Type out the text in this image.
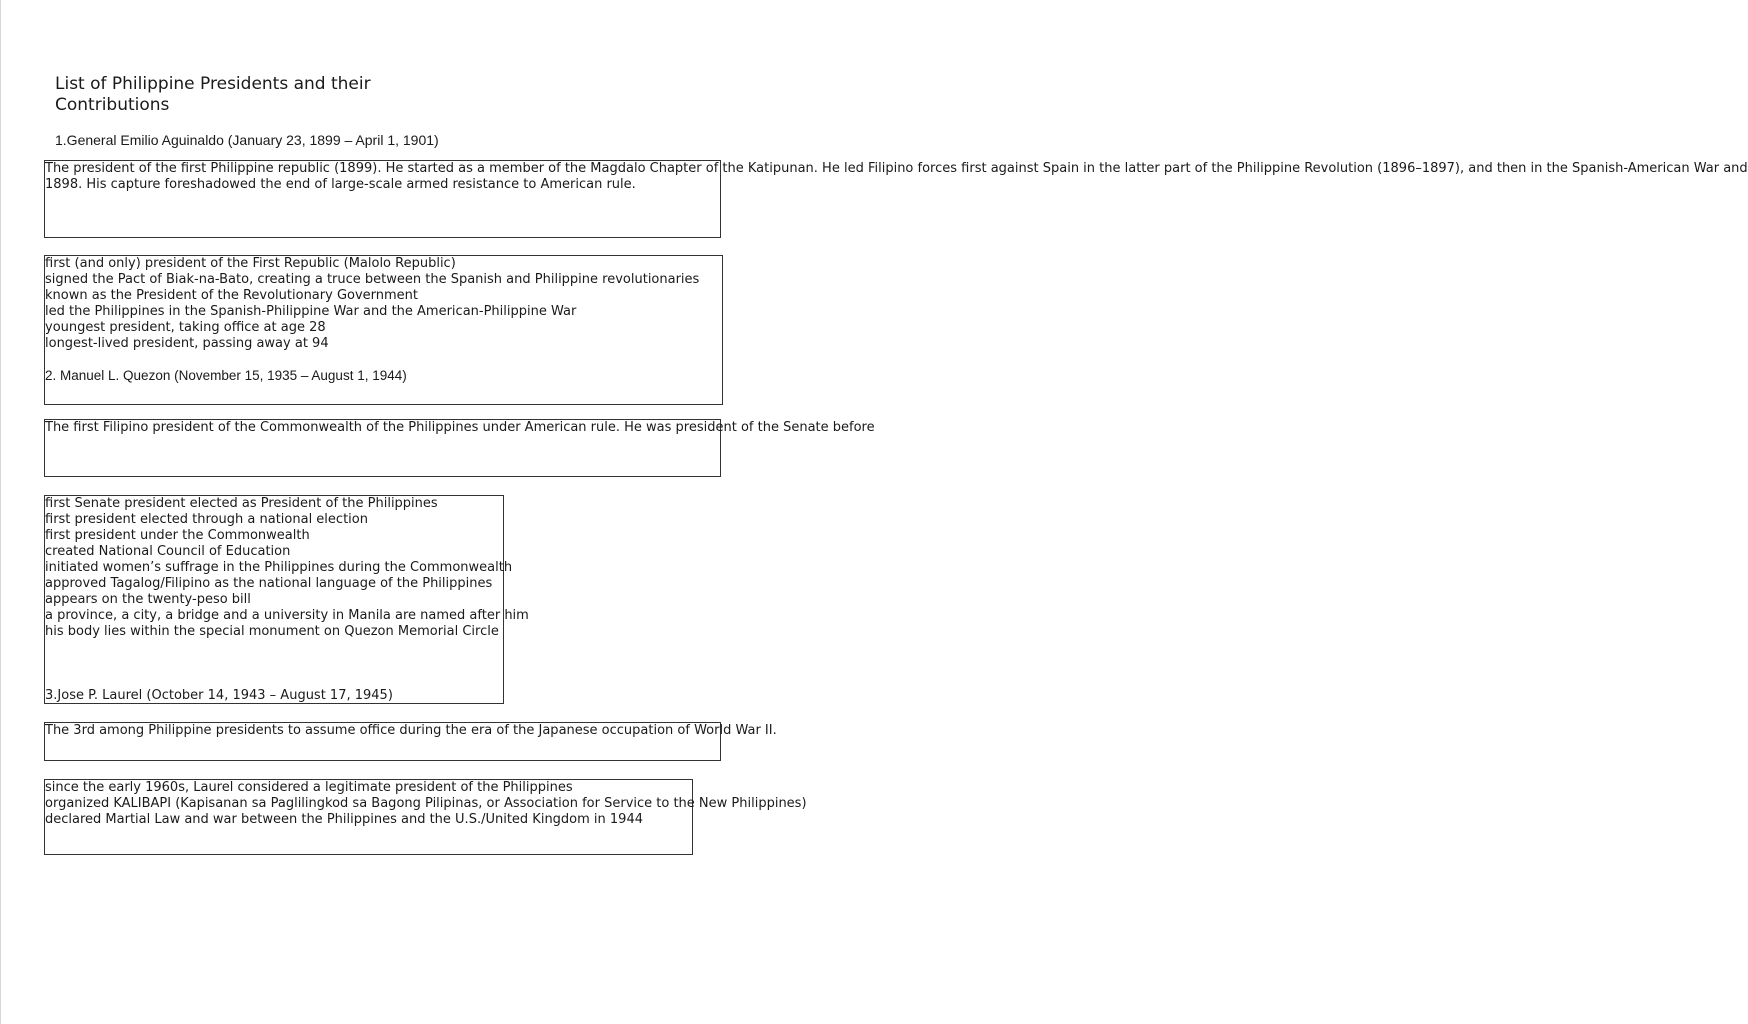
List of Philippine Presidents and their Contributions

1.General Emilio Aguinaldo (January 23, 1899 – April 1, 1901)

The president of the first Philippine republic (1899). He started as a member of the Magdalo Chapter of the Katipunan. He led Filipino forces first against Spain in the latter part of the Philippine Revolution (1896–1897), and then in the Spanish-American War and
1898. His capture foreshadowed the end of large-scale armed resistance to American rule.
first (and only) president of the First Republic (Malolo Republic)
signed the Pact of Biak-na-Bato, creating a truce between the Spanish and Philippine revolutionaries
known as the President of the Revolutionary Government
led the Philippines in the Spanish-Philippine War and the American-Philippine War
youngest president, taking office at age 28
longest-lived president, passing away at 94
2. Manuel L. Quezon (November 15, 1935 – August 1, 1944)
The first Filipino president of the Commonwealth of the Philippines under American rule. He was president of the Senate before
first Senate president elected as President of the Philippines
first president elected through a national election
first president under the Commonwealth
created National Council of Education
initiated women’s suffrage in the Philippines during the Commonwealth
approved Tagalog/Filipino as the national language of the Philippines
appears on the twenty-peso bill
a province, a city, a bridge and a university in Manila are named after him
his body lies within the special monument on Quezon Memorial Circle
3.Jose P. Laurel (October 14, 1943 – August 17, 1945)
The 3rd among Philippine presidents to assume office during the era of the Japanese occupation of World War II.
since the early 1960s, Laurel considered a legitimate president of the Philippines
organized KALIBAPI (Kapisanan sa Paglilingkod sa Bagong Pilipinas, or Association for Service to the New Philippines)
declared Martial Law and war between the Philippines and the U.S./United Kingdom in 1944
